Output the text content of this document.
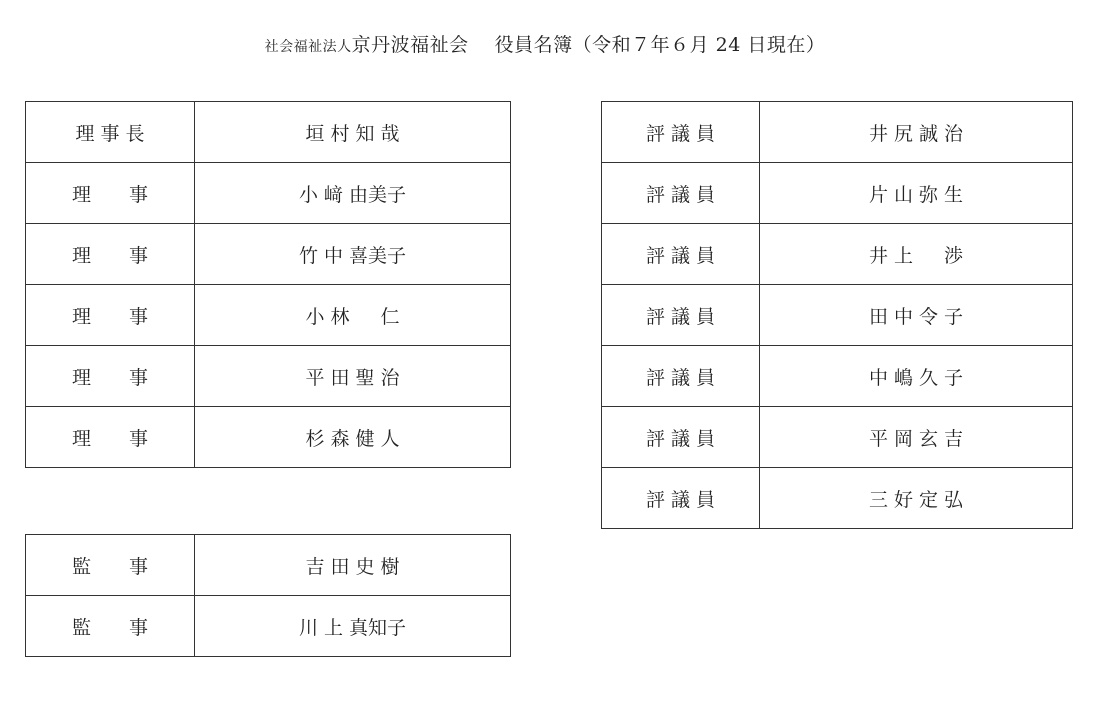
社会福祉法人京丹波福祉会 役員名簿（令和７年６月 24 日現在）
理 事 長	垣 村 知 哉
理　　事	小 﨑 由美子
理　　事	竹 中 喜美子
理　　事	小 林 　 仁
理　　事	平 田 聖 治
理　　事	杉 森 健 人
監　　事	吉 田 史 樹
監　　事	川 上 真知子
評 議 員	井 尻 誠 治
評 議 員	片 山 弥 生
評 議 員	井 上 　 渉
評 議 員	田 中 令 子
評 議 員	中 嶋 久 子
評 議 員	平 岡 玄 吉
評 議 員	三 好 定 弘
